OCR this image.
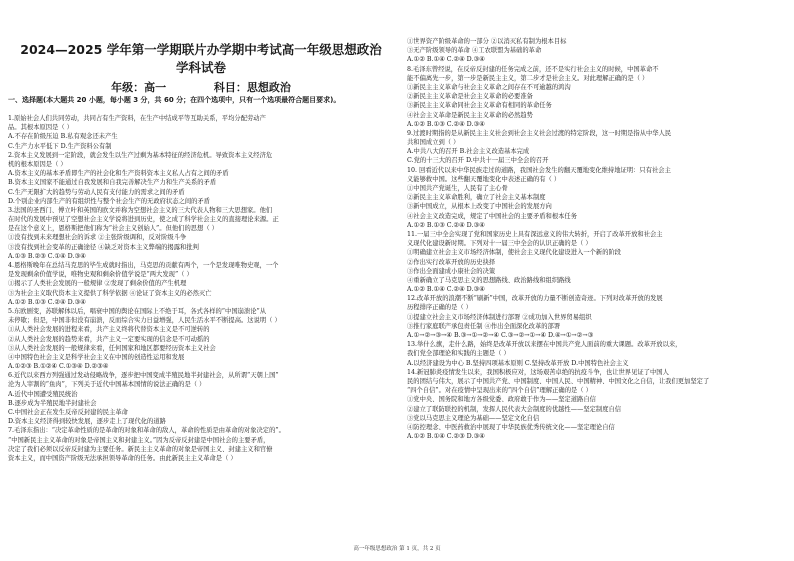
2024—2025 学年第一学期联片办学期中考试高一年级思想政治
学科试卷
年级：高一	科目：思想政治
一、选择题(本大题共 20 小题，每小题 3 分，共 60 分；在四个选项中，只有一个选项最符合题目要求)。
1.原始社会人们共同劳动，共同占有生产资料，在生产中结成平等互助关系，平均分配劳动产
品。其根本原因是（ ）
A.不存在阶级压迫 B.私有观念还未产生
C.生产力水平低下 D.生产资料公有制
2.资本主义发展到一定阶段，就会发生以生产过剩为基本特征的经济危机。导致资本主义经济危
机的根本原因是（ ）
A.资本主义的基本矛盾即生产的社会化和生产资料资本主义私人占有之间的矛盾
B.资本主义国家不能通过自我发展和自我完善解决生产力和生产关系的矛盾
C.生产无限扩大的趋势与劳动人民有支付能力的需求之间的矛盾
D.个别企业内部生产的有组织性与整个社会生产的无政府状态之间的矛盾
3.法国的圣西门、傅立叶和英国的欧文并称为空想社会主义的三大代表人物和三大思想家。他们
在时代的发展中预见了空想社会主义学说将进到历史，使之成了科学社会主义的直接理论来源。正
是在这个意义上，恩格斯把他们称为“社会主义创始人”。但他们的思想（ ）
①没有找到未来理想社会的诉求 ②主张阶级调和，反对阶级斗争
③没有找到社会变革的正确途径 ④缺乏对资本主义弊端的揭露和批判
A.①③ B.②③ C.①④ D.③④
4.恩格斯晚年在总结马克思的毕生成就时指出，马克思的贡献有两个，一个是发现唯物史观，一个
是发现剩余价值学说，唯物史观和剩余价值学说是“两大发现”（ ）
①揭示了人类社会发展的一般规律 ②发现了剩余价值的产生机理
③为社会主义取代资本主义提供了科学依据 ④论证了资本主义的必然灭亡
A.①② B.①③ C.②④ D.③④
5.东欧剧变，苏联解体以后，唱衰中国的舆论在国际上不绝于耳，各式各样的“中国崩溃论”从
未停歇；但是，中国非但没有崩溃，反而综合实力日益增强，人民生活水平不断提高。这说明（ ）
①从人类社会发展的进程来看，共产主义终将代替资本主义是不可逆转的
②从人类社会发展的趋势来看，共产主义一定要实现的信念是不可动摇的
③从人类社会发展的一般规律来看，任何国家和地区都要经历资本主义社会
④中国特色社会主义是科学社会主义在中国的创造性运用和发展
A.①②③ B.①②④ C.①③④ D.②③④
6.近代以来西方列强通过发动侵略战争，逐步把中国变成半殖民地半封建社会，从所谓“天朝上国”
沦为人宰割的“鱼肉”，下列关于近代中国基本国情的说法正确的是（ ）
A.近代中国遭受殖民统治
B.逐步成为半殖民地半封建社会
C.中国社会正在发生反帝反封建的民主革命
D.资本主义经济得到较快发展，逐步走上了现代化的道路
7.毛泽东指出：“决定革命性质的是革命的对象和革命的敌人，革命的性质是由革命的对象决定的”。
“中国新民主主义革命的对象是帝国主义和封建主义。”因为反帝反封建是中国社会的主要矛盾，
决定了我们必须以反帝反封建为主要任务。新民主主义革命的对象是帝国主义、封建主义和官僚
资本主义，而中国资产阶级无法承担领导革命的任务。由此新民主主义革命是（ ）
①世界资产阶级革命的一部分 ②以消灭私有制为根本目标
③无产阶级领导的革命 ④工农联盟为基础的革命
A.①② B.①④ C.②④ D.③④
8.毛泽东曾经说，在反帝反封建的任务完成之前，还不是实行社会主义的时候，中国革命不
能不偏离先一步，第一步是新民主主义，第二步才是社会主义。对此理解正确的是（ ）
①新民主主义革命与社会主义革命之间存在不可逾越的鸿沟
②新民主主义革命是社会主义革命的必要准备
③新民主主义革命同社会主义革命有相同的革命任务
④社会主义革命是新民主主义革命的必然趋势
A.①② B.①③ C.②④ D.③④
9.过渡时期指的是从新民主主义社会到社会主义社会过渡的特定阶段，这一时期是指从中华人民
共和国成立到（ ）
A.中共八大的召开 B.社会主义改造基本完成
C.党的十三大的召开 D.中共十一届三中全会的召开
10. 回看近代以来中华民族走过的道路，我国社会发生的翻天覆地变化维持地证明：只有社会主
义能够救中国。这些翻天覆地变化中表述正确的有（ ）
①中国共产党诞生，人民有了主心骨
②新民主主义革命胜利，确立了社会主义基本制度
③新中国成立，从根本上改变了中国社会的发展方向
④社会主义改造完成，规定了中国社会的主要矛盾和根本任务
A.①② B.①③ C.②④ D.③④
11.一届三中全会实现了党和国家历史上具有深远意义的伟大转折，开启了改革开放和社会主
义现代化建设新时期。下列对十一届三中全会的认识正确的是（ ）
①明确建立社会主义市场经济体制，使社会主义现代化建设进入一个新的阶段
②作出实行改革开放的历史抉择
③作出全面建成小康社会的决策
④重新确立了马克思主义的思想路线、政治路线和组织路线
A.①② B.①④ C.②④ D.③④
12.改革开放的浪潮不断“刷新”中国，改革开放的力量不断创造奇迹。下列对改革开放的发展
历程排序正确的是（ ）
①提建立社会主义市场经济体制进行部署 ②成功加入世界贸易组织
③推行家庭联产承包责任制 ④作出全面深化改革的部署
A.①→②→③→④ B.③→①→②→④ C.③→②→①→④ D.④→①→②→③
13.举什么旗，走什么路，始终是改革开放以来摆在中国共产党人面前的重大课题。改革开放以来，
我们党全部理论和实践的主题是（ ）
A.以经济建设为中心 B.坚持四项基本原则 C.坚持改革开放 D.中国特色社会主义
14.新冠肺炎疫情发生以来，我国积极应对，这场艰苦卓绝的抗疫斗争，也让世界见证了中国人
民的团结与伟大，展示了中国共产党、中国制度、中国人民、中国精神、中国文化之自信，让我们更加坚定了
“四个自信”。对在疫情中呈现出来的“四个自信”理解正确的是（ ）
①党中央、国务院和地方各级党委、政府敢于作为——坚定道路自信
②建立了联防联控的机制，发挥人民代表大会制度的优越性——坚定制度自信
③党以马克思主义理论为基础——坚定文化自信
④防控理念、中医药救治中展现了中华民族优秀传统文化——坚定理论自信
A.①② B.①④ C.②③ D.③④
高一年级思想政治 第 1 页，共 2 页
